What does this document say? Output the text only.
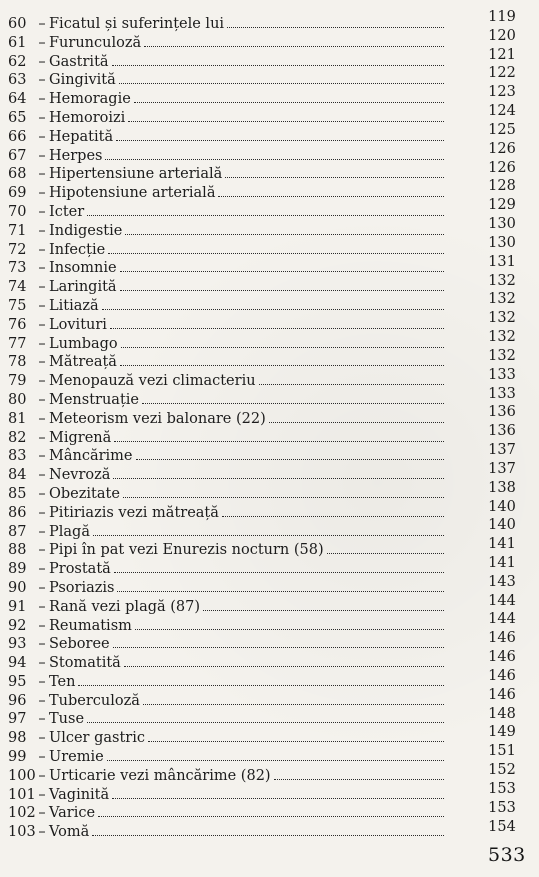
60 – Ficatul și suferințele lui	119
61 – Furunculoză	120
62 – Gastrită	121
63 – Gingivită	122
64 – Hemoragie	123
65 – Hemoroizi	124
66 – Hepatită	125
67 – Herpes	126
68 – Hipertensiune arterială	126
69 – Hipotensiune arterială	128
70 – Icter	129
71 – Indigestie	130
72 – Infecție	130
73 – Insomnie	131
74 – Laringită	132
75 – Litiază	132
76 – Lovituri	132
77 – Lumbago	132
78 – Mătreață	132
79 – Menopauză vezi climacteriu	133
80 – Menstruație	133
81 – Meteorism vezi balonare (22)	136
82 – Migrenă	136
83 – Mâncărime	137
84 – Nevroză	137
85 – Obezitate	138
86 – Pitiriazis vezi mătreață	140
87 – Plagă	140
88 – Pipi în pat vezi Enurezis nocturn (58)	141
89 – Prostată	141
90 – Psoriazis	143
91 – Rană vezi plagă (87)	144
92 – Reumatism	144
93 – Seboree	146
94 – Stomatită	146
95 – Ten	146
96 – Tuberculoză	146
97 – Tuse	148
98 – Ulcer gastric	149
99 – Uremie	151
100 – Urticarie vezi mâncărime (82)	152
101 – Vaginită	153
102 – Varice	153
103 – Vomă	154
533
